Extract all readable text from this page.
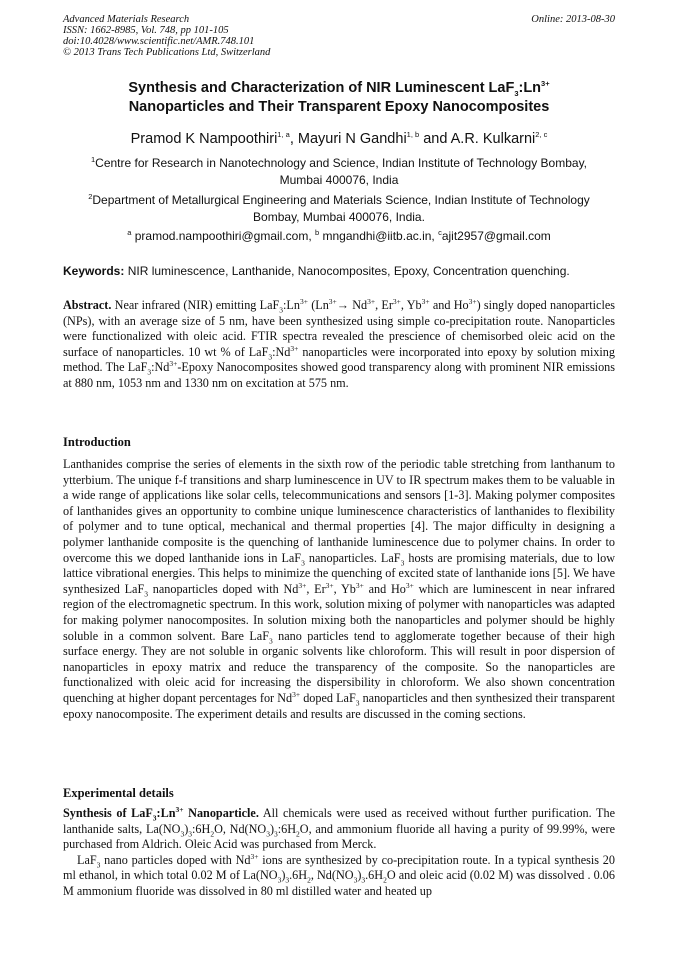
Advanced Materials Research
ISSN: 1662-8985, Vol. 748, pp 101-105
doi:10.4028/www.scientific.net/AMR.748.101
© 2013 Trans Tech Publications Ltd, Switzerland
Online: 2013-08-30
Synthesis and Characterization of NIR Luminescent $LaF_3:Ln^{3+}$
Nanoparticles and Their Transparent Epoxy Nanocomposites
Pramod K Nampoothiri$^{1, a}$, Mayuri N Gandhi$^{1, b}$ and A.R. Kulkarni$^{2, c}$
$^1$Centre for Research in Nanotechnology and Science, Indian Institute of Technology Bombay,
Mumbai 400076, India
$^2$Department of Metallurgical Engineering and Materials Science, Indian Institute of Technology
Bombay, Mumbai 400076, India.
$^a$ pramod.nampoothiri@gmail.com, $^b$ mngandhi@iitb.ac.in, $^c$ajit2957@gmail.com
Keywords: NIR luminescence, Lanthanide, Nanocomposites, Epoxy, Concentration quenching.
Abstract. Near infrared (NIR) emitting $LaF_3:Ln^{3+}$ ($Ln^{3+}\to Nd^{3+}$, $Er^{3+}$, $Yb^{3+}$ and $Ho^{3+}$) singly doped nanoparticles (NPs), with an average size of 5 nm, have been synthesized using simple co-precipitation route. Nanoparticles were functionalized with oleic acid. FTIR spectra revealed the prescience of chemisorbed oleic acid on the surface of nanoparticles. 10 wt % of $LaF_3:Nd^{3+}$ nanoparticles were incorporated into epoxy by solution mixing method. The $LaF_3:Nd^{3+}$-Epoxy Nanocomposites showed good transparency along with prominent NIR emissions at 880 nm, 1053 nm and 1330 nm on excitation at 575 nm.
Introduction
Lanthanides comprise the series of elements in the sixth row of the periodic table stretching from lanthanum to ytterbium. The unique f-f transitions and sharp luminescence in UV to IR spectrum makes them to be valuable in a wide range of applications like solar cells, telecommunications and sensors [1-3]. Making polymer composites of lanthanides gives an opportunity to combine unique luminescence characteristics of lanthanides to flexibility of polymer and to tune optical, mechanical and thermal properties [4]. The major difficulty in designing a polymer lanthanide composite is the quenching of lanthanide luminescence due to polymer chains. In order to overcome this we doped lanthanide ions in LaF$_3$ nanoparticles. LaF$_3$ hosts are promising materials, due to low lattice vibrational energies. This helps to minimize the quenching of excited state of lanthanide ions [5]. We have synthesized LaF$_3$ nanoparticles doped with $Nd^{3+}$, $Er^{3+}$, $Yb^{3+}$ and $Ho^{3+}$ which are luminescent in near infrared region of the electromagnetic spectrum. In this work, solution mixing of polymer with nanoparticles was adapted for making polymer nanocomposites. In solution mixing both the nanoparticles and polymer should be highly soluble in a common solvent. Bare LaF$_3$ nano particles tend to agglomerate together because of their high surface energy. They are not soluble in organic solvents like chloroform. This will result in poor dispersion of nanoparticles in epoxy matrix and reduce the transparency of the composite. So the nanoparticles are functionalized with oleic acid for increasing the dispersibility in chloroform. We also shown concentration quenching at higher dopant percentages for $Nd^{3+}$ doped LaF$_3$ nanoparticles and then synthesized their transparent epoxy nanocomposite. The experiment details and results are discussed in the coming sections.
Experimental details
Synthesis of $LaF_3:Ln^{3+}$ Nanoparticle. All chemicals were used as received without further purification. The lanthanide salts, $La(NO_3)_3:6H_2O$, $Nd(NO_3)_3:6H_2O$, and ammonium fluoride all having a purity of 99.99%, were purchased from Aldrich. Oleic Acid was purchased from Merck.
LaF$_3$ nano particles doped with $Nd^{3+}$ ions are synthesized by co-precipitation route. In a typical synthesis 20 ml ethanol, in which total 0.02 M of $La(NO_3)_3.6H_2$, $Nd(NO_3)_3.6H_2O$ and oleic acid (0.02 M) was dissolved . 0.06 M ammonium fluoride was dissolved in 80 ml distilled water and heated up
